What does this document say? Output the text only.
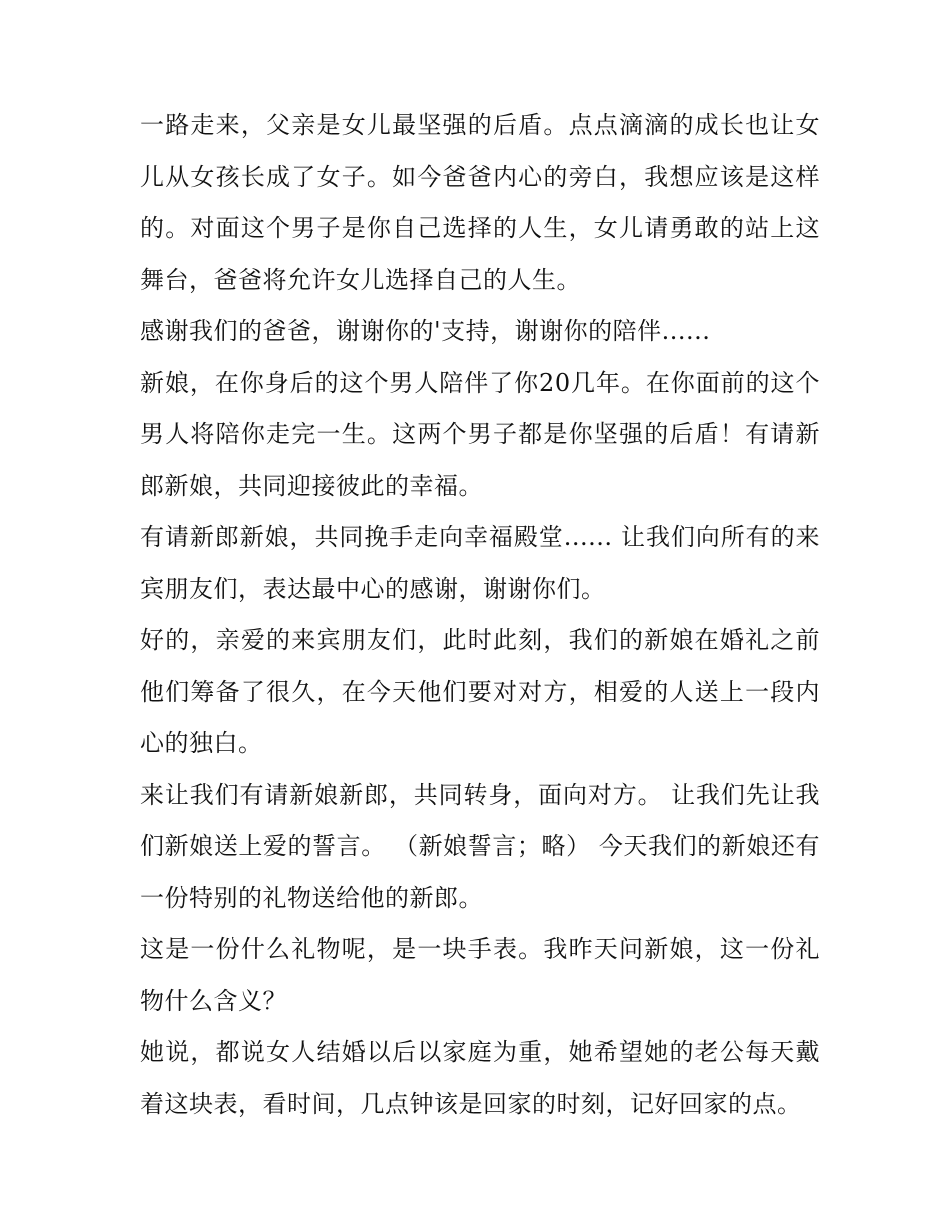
一路走来，父亲是女儿最坚强的后盾。点点滴滴的成长也让女儿从女孩长成了女子。如今爸爸内心的旁白，我想应该是这样的。对面这个男子是你自己选择的人生，女儿请勇敢的站上这舞台，爸爸将允许女儿选择自己的人生。

感谢我们的爸爸，谢谢你的'支持，谢谢你的陪伴......

新娘，在你身后的这个男人陪伴了你20几年。在你面前的这个男人将陪你走完一生。这两个男子都是你坚强的后盾！有请新郎新娘，共同迎接彼此的幸福。

有请新郎新娘，共同挽手走向幸福殿堂...... 让我们向所有的来宾朋友们，表达最中心的感谢，谢谢你们。

好的，亲爱的来宾朋友们，此时此刻，我们的新娘在婚礼之前他们筹备了很久，在今天他们要对对方，相爱的人送上一段内心的独白。

来让我们有请新娘新郎，共同转身，面向对方。 让我们先让我们新娘送上爱的誓言。 （新娘誓言；略） 今天我们的新娘还有一份特别的礼物送给他的新郎。

这是一份什么礼物呢，是一块手表。我昨天问新娘，这一份礼物什么含义？

她说，都说女人结婚以后以家庭为重，她希望她的老公每天戴着这块表，看时间，几点钟该是回家的时刻，记好回家的点。
